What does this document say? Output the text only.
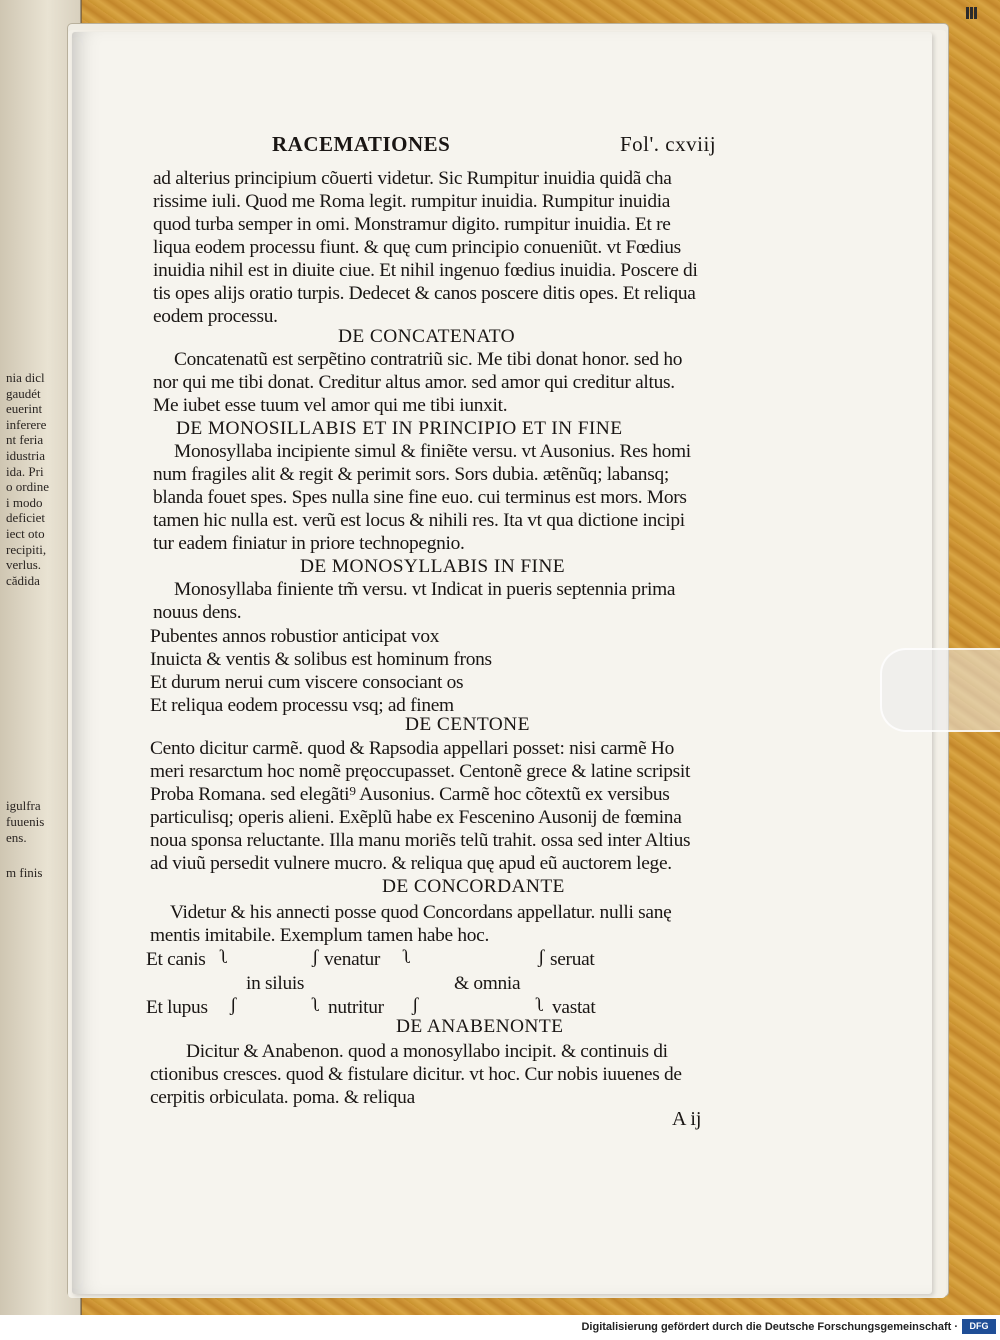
nia dicl
gaudét
euerint
inferere
nt feria
idustria
ida. Pri
o ordine
i modo
deficiet
iect oto
recipiti,
verlus.
cădida
igulfra
fuuenis
ens.
m finis
RACEMATIONES	Fol'. cxviij
ad alterius principium cõuerti videtur. Sic Rumpitur inuidia quidã cha
rissime iuli. Quod me Roma legit. rumpitur inuidia. Rumpitur inuidia
quod turba semper in omi. Monstramur digito. rumpitur inuidia. Et re
liqua eodem processu fiunt. & quę cum principio conueniũt. vt Fœdius
inuidia nihil est in diuite ciue. Et nihil ingenuo fœdius inuidia. Poscere di
tis opes alijs oratio turpis. Dedecet & canos poscere ditis opes. Et reliqua
eodem processu.
DE CONCATENATO
Concatenatũ est serpẽtino contratriũ sic. Me tibi donat honor. sed ho
nor qui me tibi donat. Creditur altus amor. sed amor qui creditur altus.
Me iubet esse tuum vel amor qui me tibi iunxit.
DE MONOSILLABIS ET IN PRINCIPIO ET IN FINE
Monosyllaba incipiente simul & finiẽte versu. vt Ausonius. Res homi
num fragiles alit & regit & perimit sors. Sors dubia. ætẽnũq; labansq;
blanda fouet spes. Spes nulla sine fine euo. cui terminus est mors. Mors
tamen hic nulla est. verũ est locus & nihili res. Ita vt qua dictione incipi
tur eadem finiatur in priore technopegnio.
DE MONOSYLLABIS IN FINE
Monosyllaba finiente tm̃ versu. vt Indicat in pueris septennia prima
nouus dens.
Pubentes annos robustior anticipat vox
Inuicta & ventis & solibus est hominum frons
Et durum nerui cum viscere consociant os
Et reliqua eodem processu vsq; ad finem
DE CENTONE
Cento dicitur carmẽ. quod & Rapsodia appellari posset: nisi carmẽ Ho
meri resarctum hoc nomẽ pręoccupasset. Centonẽ grece & latine scripsit
Proba Romana. sed elegãti⁹ Ausonius. Carmẽ hoc cõtextũ ex versibus
particulisq; operis alieni. Exẽplũ habe ex Fescenino Ausonij de fœmina
noua sponsa reluctante. Illa manu moriẽs telũ trahit. ossa sed inter Altius
ad viuũ persedit vulnere mucro. & reliqua quę apud eũ auctorem lege.
DE CONCORDANTE
Videtur & his annecti posse quod Concordans appellatur. nulli sanę
mentis imitabile. Exemplum tamen habe hoc.
Et canis ʅ	ʃ venatur ʅ	ʃ seruat
in siluis	& omnia
Et lupus ʃ	ʅ nutritur ʃ	ʅ vastat
DE ANABENONTE
Dicitur & Anabenon. quod a monosyllabo incipit. & continuis di
ctionibus cresces. quod & fistulare dicitur. vt hoc. Cur nobis iuuenes de
cerpitis orbiculata. poma. & reliqua
A ij
Digitalisierung gefördert durch die Deutsche Forschungsgemeinschaft ·	DFG
